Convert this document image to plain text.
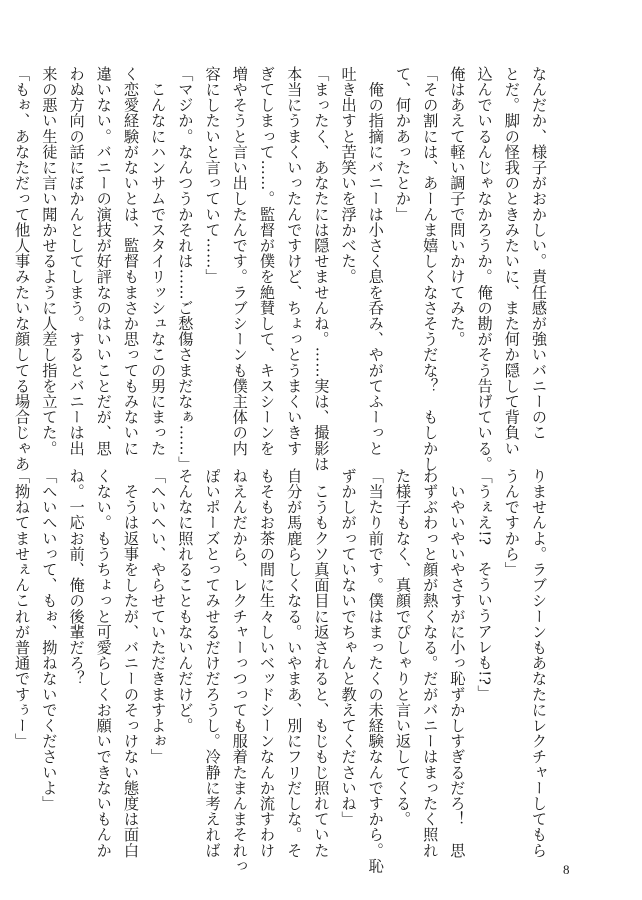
なんだか、様子がおかしい。責任感が強いバニーのこ
とだ。脚の怪我のときみたいに、また何か隠して背負い
込んでいるんじゃなかろうか。俺の勘がそう告げている。
俺はあえて軽い調子で問いかけてみた。
「その割には、あーんま嬉しくなさそうだな？　もしかし
て、何かあったとか」
　俺の指摘にバニーは小さく息を呑み、やがてふーっと
吐き出すと苦笑いを浮かべた。
「まったく、あなたには隠せませんね。……実は、撮影は
本当にうまくいったんですけど、ちょっとうまくいきす
ぎてしまって……。監督が僕を絶賛して、キスシーンを
増やそうと言い出したんです。ラブシーンも僕主体の内
容にしたいと言っていて……」
「マジか。なんつうかそれは……ご愁傷さまだなぁ……」
　こんなにハンサムでスタイリッシュなこの男にまった
く恋愛経験がないとは、監督もまさか思ってもみないに
違いない。バニーの演技が好評なのはいいことだが、思
わぬ方向の話にぼかんとしてしまう。するとバニーは出
来の悪い生徒に言い聞かせるように人差し指を立てた。
「もぉ、あなただって他人事みたいな顔してる場合じゃあ
りませんよ。ラブシーンもあなたにレクチャーしてもら
うんですから」
「うぇえ!?　そういうアレも!?」
　いやいやいやさすがに小っ恥ずかしすぎるだろ！　思
わずぶわっと顔が熱くなる。だがバニーはまったく照れ
た様子もなく、真顔でぴしゃりと言い返してくる。
「当たり前です。僕はまったくの未経験なんですから。恥
ずかしがっていないでちゃんと教えてくださいね」
　こうもクソ真面目に返されると、もじもじ照れていた
自分が馬鹿らしくなる。いやまあ、別にフリだしな。そ
もそもお茶の間に生々しいベッドシーンなんか流すわけ
ねえんだから、レクチャーっつっても服着たまんまそれっ
ぽいポーズとってみせるだけだろうし。冷静に考えれば
そんなに照れることもないんだけど。
「へいへい、やらせていただきますよぉ」
　そうは返事をしたが、バニーのそっけない態度は面白
くない。もうちょっと可愛らしくお願いできないもんか
ね。一応お前、俺の後輩だろ？
「へいへいって、もぉ、拗ねないでくださいよ」
「拗ねてませぇんこれが普通ですぅー」
8
